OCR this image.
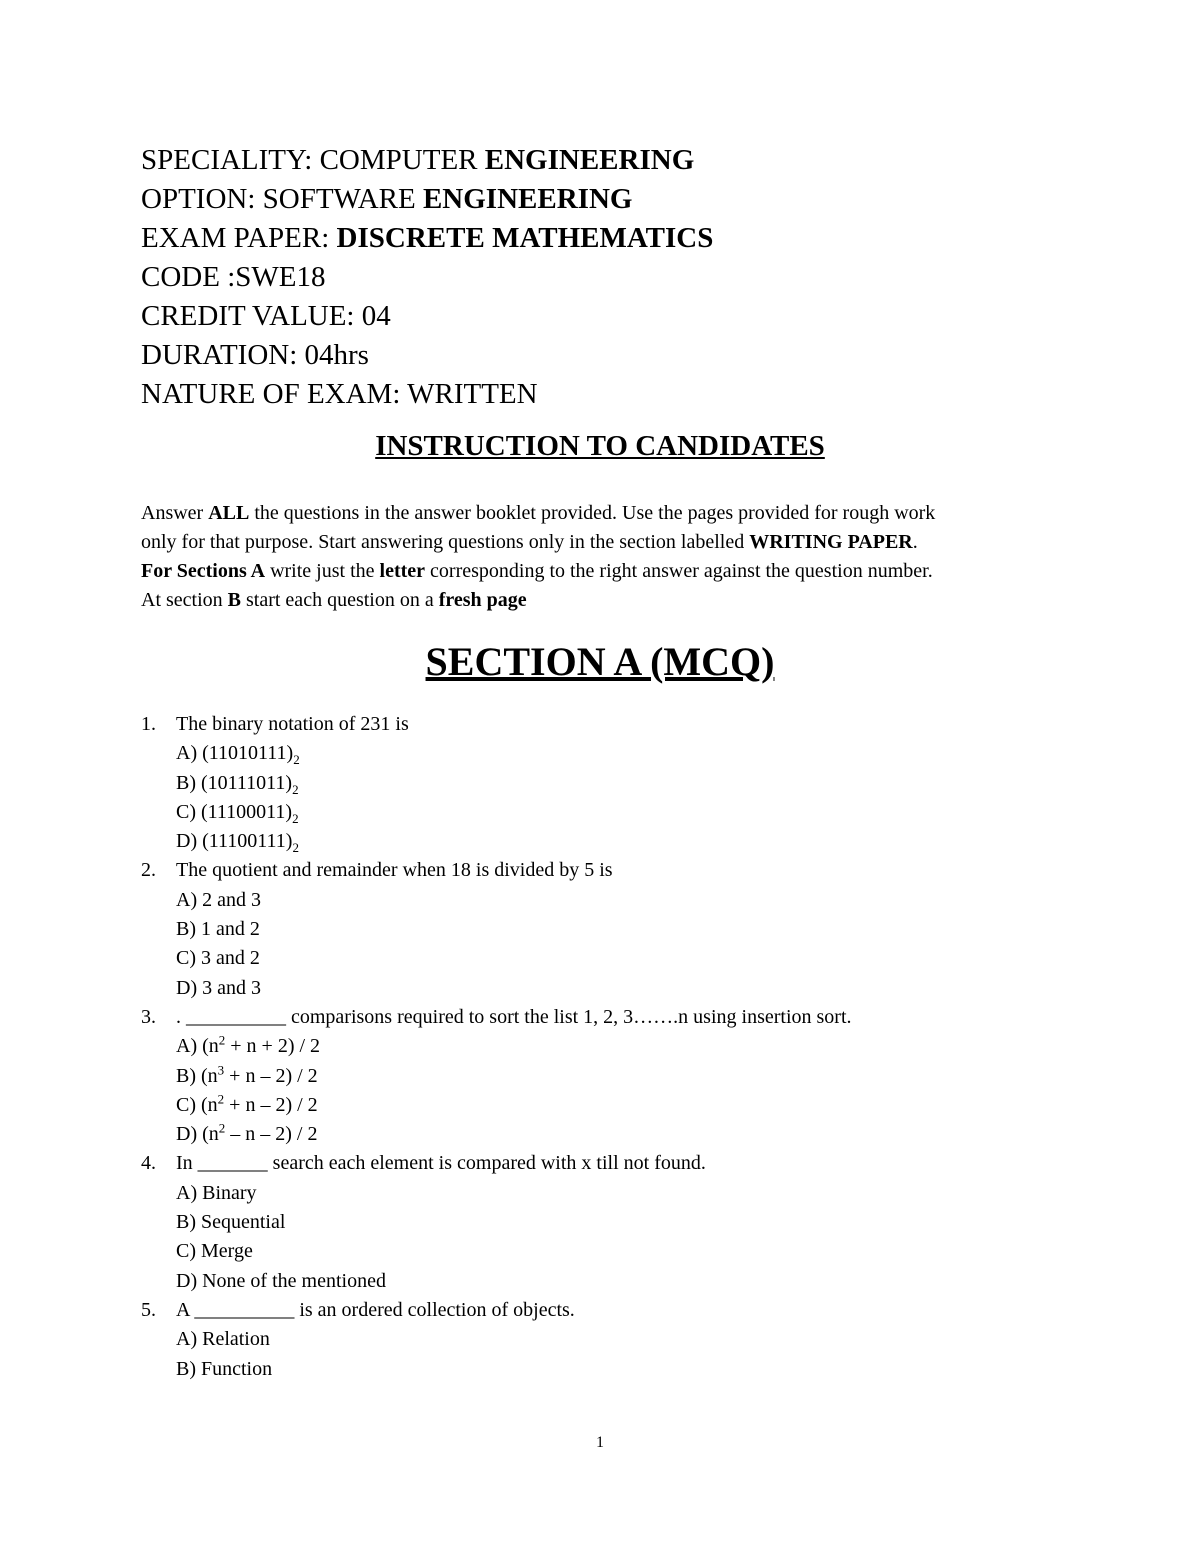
SPECIALITY: COMPUTER ENGINEERING
OPTION: SOFTWARE ENGINEERING
EXAM PAPER: DISCRETE MATHEMATICS
CODE :SWE18
CREDIT VALUE: 04
DURATION: 04hrs
NATURE OF EXAM: WRITTEN
INSTRUCTION TO CANDIDATES
Answer ALL the questions in the answer booklet provided. Use the pages provided for rough work
only for that purpose. Start answering questions only in the section labelled WRITING PAPER.
For Sections A write just the letter corresponding to the right answer against the question number.
At section B start each question on a fresh page
SECTION A (MCQ)
1. The binary notation of 231 is
A) $(11010111)_2$
B) $(10111011)_2$
C) $(11100011)_2$
D) $(11100111)_2$
2. The quotient and remainder when 18 is divided by 5 is
A) 2 and 3
B) 1 and 2
C) 3 and 2
D) 3 and 3
3. . __________ comparisons required to sort the list 1, 2, 3…….n using insertion sort.
A) $(n^2 + n + 2) / 2$
B) $(n^3 + n - 2) / 2$
C) $(n^2 + n - 2) / 2$
D) ($n^2$ – n – 2) / 2
4. In _______ search each element is compared with x till not found.
A) Binary
B) Sequential
C) Merge
D) None of the mentioned
5. A __________ is an ordered collection of objects.
A) Relation
B) Function
1
